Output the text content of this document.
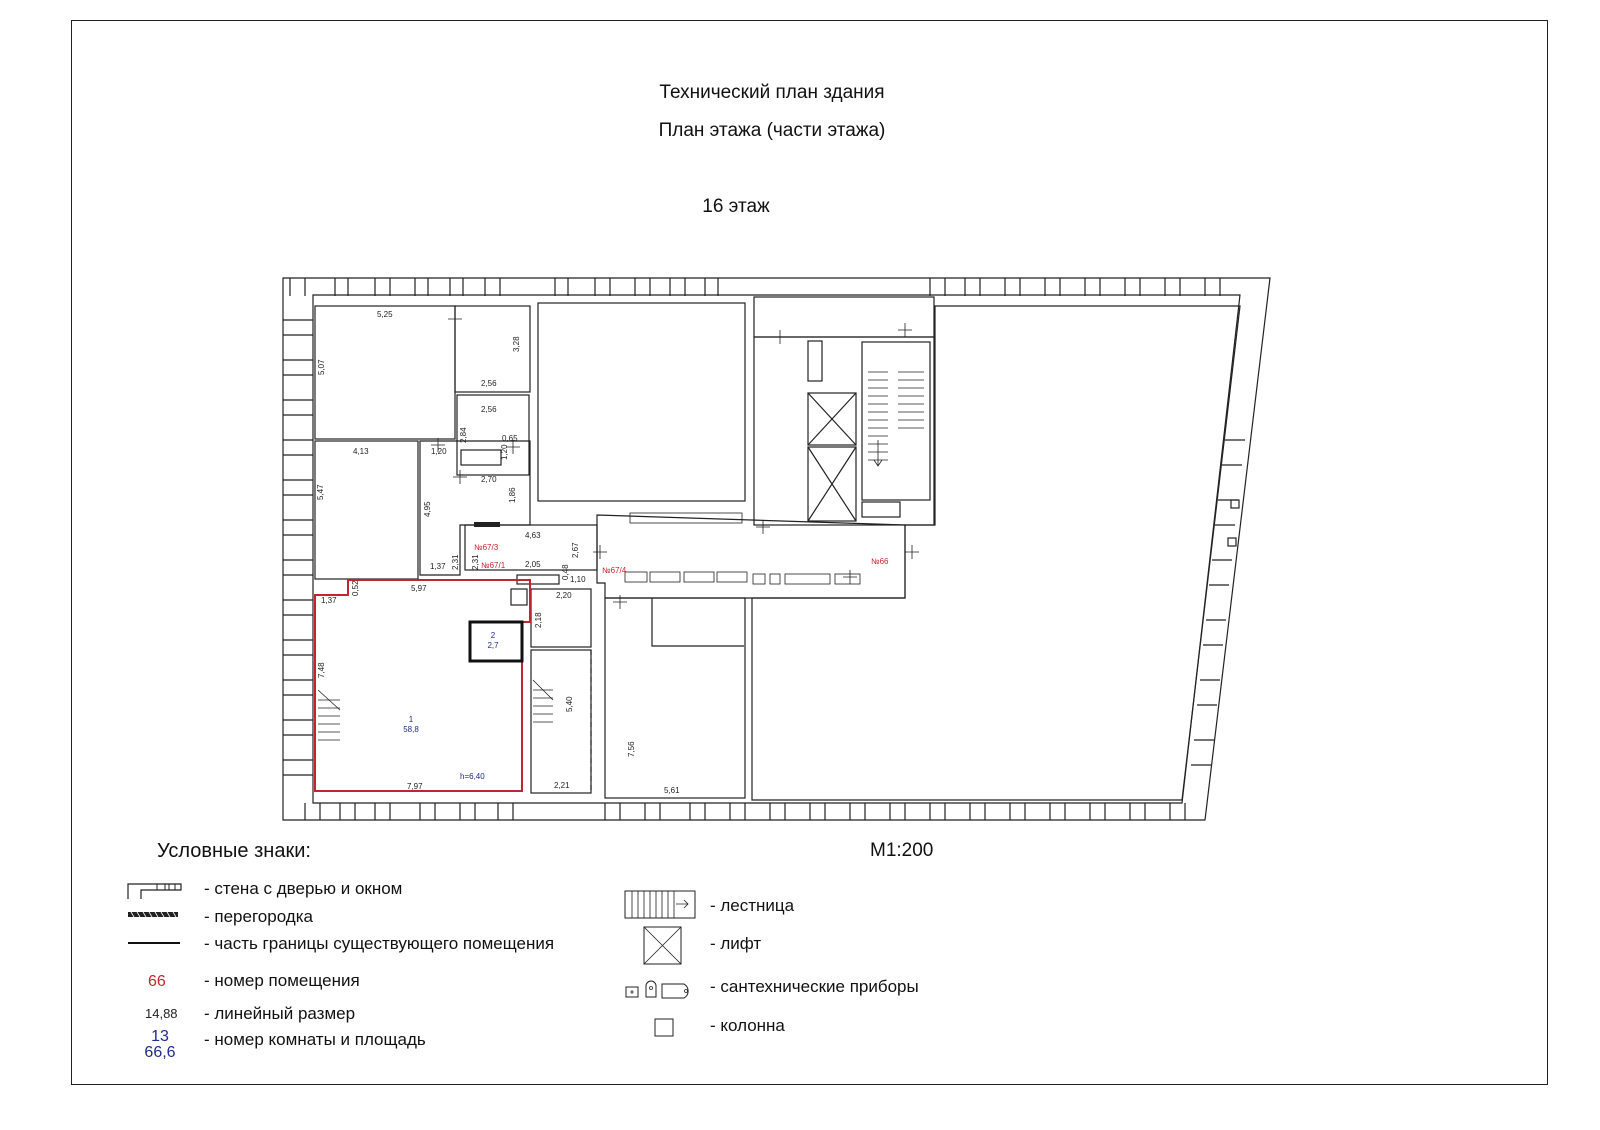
Технический план здания
План этажа (части этажа)
16 этаж
5,25
3,28
5,07
2,56
2,56
2,84	0,65
1,20
4,13	1,20
2,70
1,86
5,47
4,95
4,63
2,67
2,31 2,31
1,37	2,05	0,48 1,10
1,37
0,52	5,97
2,20
2,18
7,48
5,40
7,56
7,97	2,21
5,61
№67/3
№67/1
№67/4
№66
1
58,8
h=6,40
2
2,7
Условные знаки:	М1:200
- стена с дверью и окном
- перегородка
- часть границы существующего помещения
66 - номер помещения
14,88 - линейный размер
13
66,6
- номер комнаты и площадь
- лестница
- лифт
- сантехнические приборы
- колонна
